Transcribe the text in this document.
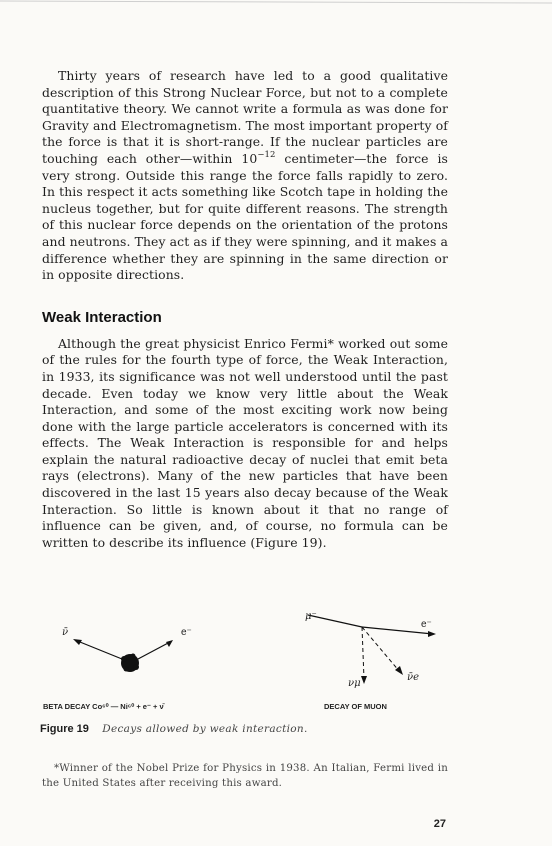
Thirty years of research have led to a good qualitative description of this Strong Nuclear Force, but not to a complete quantitative theory. We cannot write a formula as was done for Gravity and Electromagnetism. The most important property of the force is that it is short-range. If the nuclear particles are touching each other—within $10^{-12}$ centimeter—the force is very strong. Outside this range the force falls rapidly to zero. In this respect it acts something like Scotch tape in holding the nucleus together, but for quite different reasons. The strength of this nuclear force depends on the orientation of the protons and neutrons. They act as if they were spinning, and it makes a difference whether they are spinning in the same direction or in opposite directions.

Weak Interaction

Although the great physicist Enrico Fermi* worked out some of the rules for the fourth type of force, the Weak Interaction, in 1933, its significance was not well understood until the past decade. Even today we know very little about the Weak Interaction, and some of the most exciting work now being done with the large particle accelerators is concerned with its effects. The Weak Interaction is responsible for and helps explain the natural radioactive decay of nuclei that emit beta rays (electrons). Many of the new particles that have been discovered in the last 15 years also decay because of the Weak Interaction. So little is known about it that no range of influence can be given, and, of course, no formula can be written to describe its influence (Figure 19).

ν̄	e⁻
BETA DECAY Co⁶⁰ — Ni⁶⁰ + e⁻ + ν̄
μ⁻
e⁻
νμ
ν̄e
DECAY OF MUON
Figure 19 Decays allowed by weak interaction.

*Winner of the Nobel Prize for Physics in 1938. An Italian, Fermi lived in the United States after receiving this award.

27
